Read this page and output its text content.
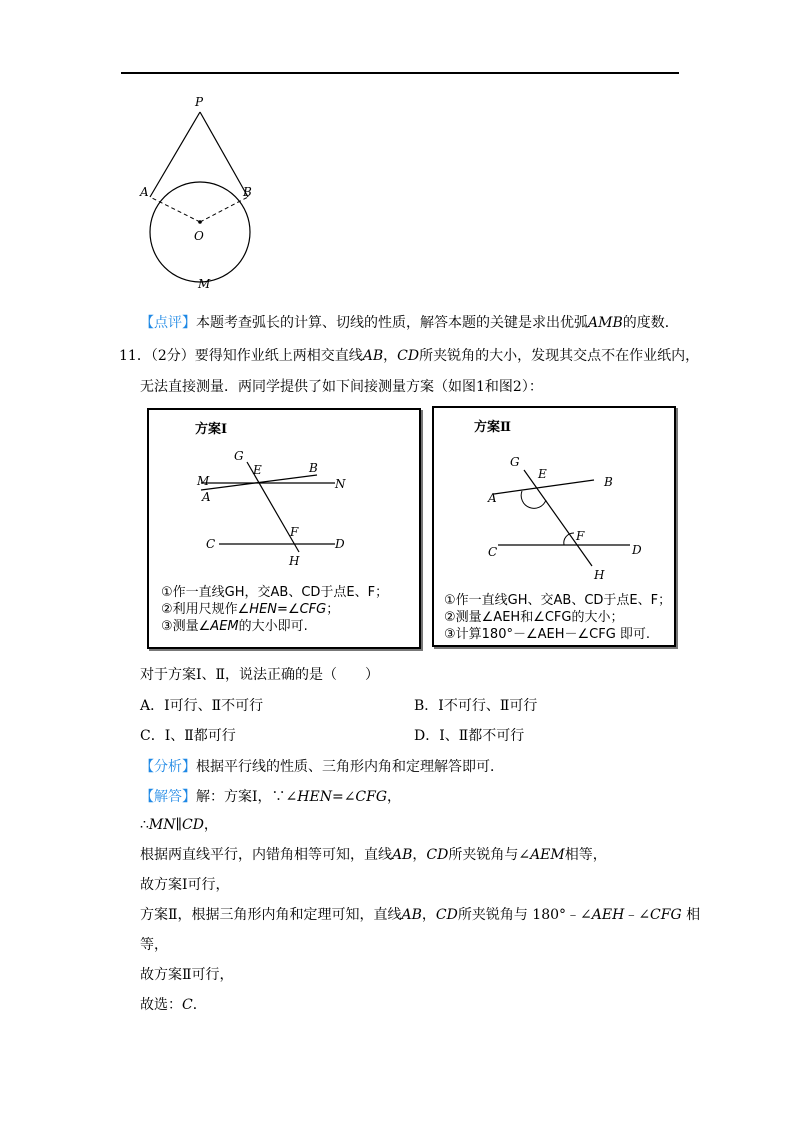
P
A	B
O
M
【点评】本题考查弧长的计算、切线的性质，解答本题的关键是求出优弧AMB的度数．
11．（2分）要得知作业纸上两相交直线AB，CD所夹锐角的大小，发现其交点不在作业纸内，
无法直接测量．两同学提供了如下间接测量方案（如图1和图2）：
方案Ⅰ
G
E	B
M	N
A
F
C	D
H
①作一直线GH，交AB、CD于点E、F；
②利用尺规作∠HEN=∠CFG；
③测量∠AEM的大小即可.
方案Ⅱ
G
E
A
B
F
C	D
H
①作一直线GH、交AB、CD于点E、F；
②测量∠AEH和∠CFG的大小；
③计算180°－∠AEH－∠CFG 即可.
对于方案Ⅰ、Ⅱ，说法正确的是（　　）
A．Ⅰ可行、Ⅱ不可行	B．Ⅰ不可行、Ⅱ可行
C．Ⅰ、Ⅱ都可行	D．Ⅰ、Ⅱ都不可行
【分析】根据平行线的性质、三角形内角和定理解答即可．
【解答】解：方案Ⅰ，∵∠HEN=∠CFG，
∴MN∥CD，
根据两直线平行，内错角相等可知，直线AB，CD所夹锐角与∠AEM相等，
故方案Ⅰ可行，
方案Ⅱ，根据三角形内角和定理可知，直线AB，CD所夹锐角与 180°﹣∠AEH﹣∠CFG 相
等，
故方案Ⅱ可行，
故选：C．
